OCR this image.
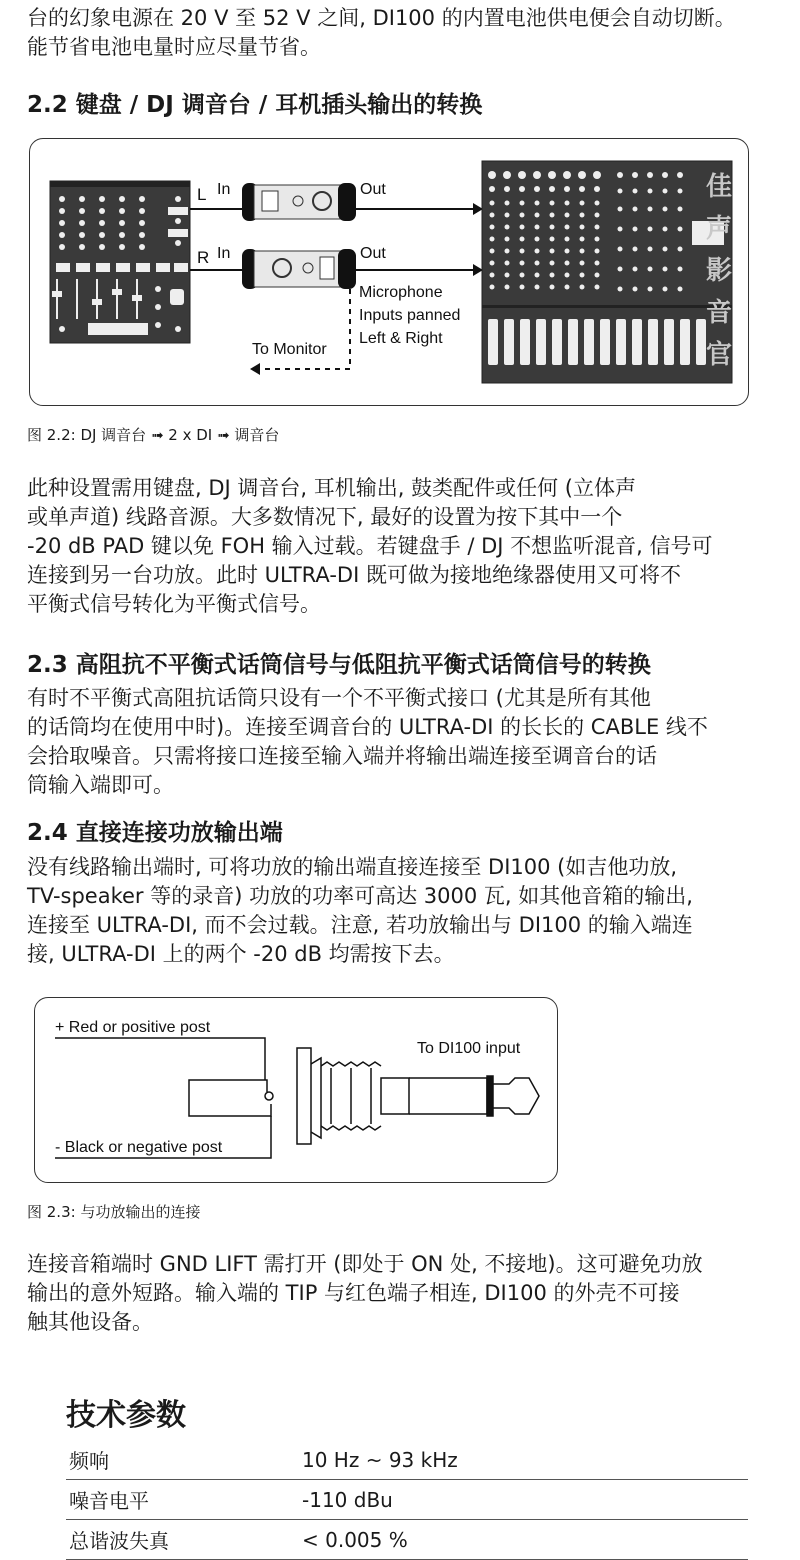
台的幻象电源在 20 V 至 52 V 之间, DI100 的内置电池供电便会自动切断。
能节省电池电量时应尽量节省。
2.2 键盘 / DJ 调音台 / 耳机插头输出的转换
L
R
In
In
Out
Out
Microphone
Inputs panned
Left & Right
To Monitor
佳
声
影
音
官

图 2.2: DJ 调音台 ➟ 2 x DI ➟ 调音台

此种设置需用键盘, DJ 调音台, 耳机输出, 鼓类配件或任何 (立体声
或单声道) 线路音源。大多数情况下, 最好的设置为按下其中一个
-20 dB PAD 键以免 FOH 输入过载。若键盘手 / DJ 不想监听混音, 信号可
连接到另一台功放。此时 ULTRA-DI 既可做为接地绝缘器使用又可将不
平衡式信号转化为平衡式信号。
2.3 高阻抗不平衡式话筒信号与低阻抗平衡式话筒信号的转换
有时不平衡式高阻抗话筒只设有一个不平衡式接口 (尤其是所有其他
的话筒均在使用中时)。连接至调音台的 ULTRA-DI 的长长的 CABLE 线不
会拾取噪音。只需将接口连接至输入端并将输出端连接至调音台的话
筒输入端即可。
2.4 直接连接功放输出端
没有线路输出端时, 可将功放的输出端直接连接至 DI100 (如吉他功放,
TV-speaker 等的录音) 功放的功率可高达 3000 瓦, 如其他音箱的输出,
连接至 ULTRA-DI, 而不会过载。注意, 若功放输出与 DI100 的输入端连
接, ULTRA-DI 上的两个 -20 dB 均需按下去。
+ Red or positive post
- Black or negative post
To DI100 input

图 2.3: 与功放输出的连接

连接音箱端时 GND LIFT 需打开 (即处于 ON 处, 不接地)。这可避免功放
输出的意外短路。输入端的 TIP 与红色端子相连, DI100 的外壳不可接
触其他设备。
技术参数
频响	10 Hz ~ 93 kHz
噪音电平	-110 dBu
总谐波失真	< 0.005 %
